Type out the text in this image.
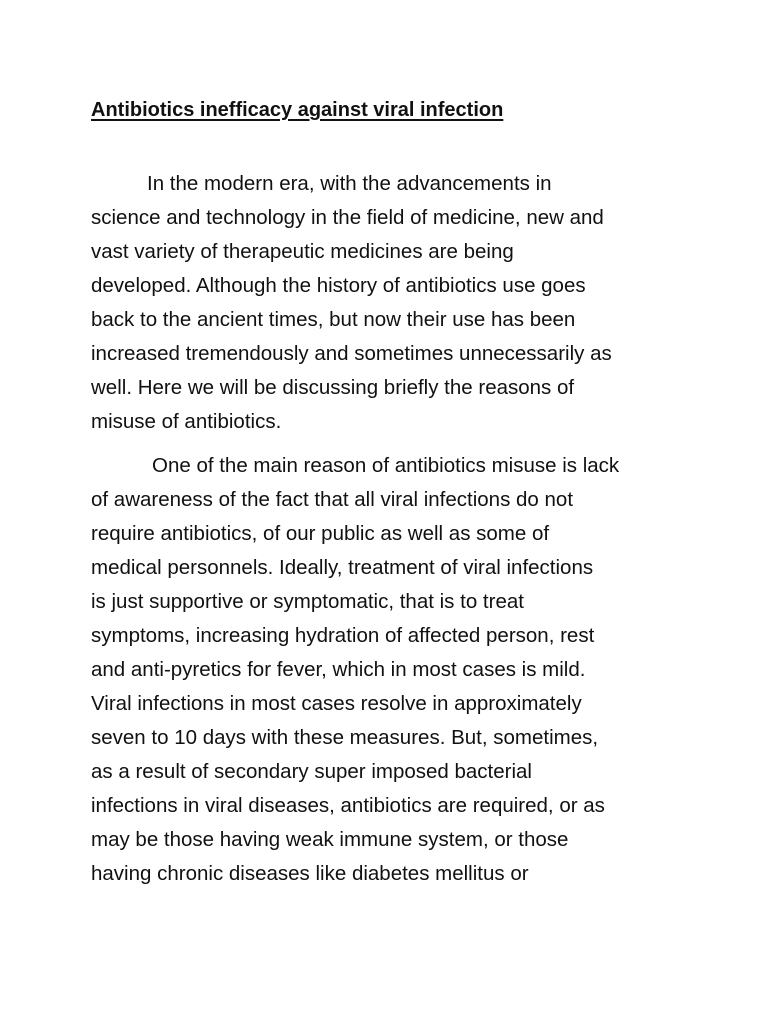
Antibiotics inefficacy against viral infection

In the modern era, with the advancements in
science and technology in the field of medicine, new and
vast variety of therapeutic medicines are being
developed. Although the history of antibiotics use goes
back to the ancient times, but now their use has been
increased tremendously and sometimes unnecessarily as
well. Here we will be discussing briefly the reasons of
misuse of antibiotics.

One of the main reason of antibiotics misuse is lack
of awareness of the fact that all viral infections do not
require antibiotics, of our public as well as some of
medical personnels. Ideally, treatment of viral infections
is just supportive or symptomatic, that is to treat
symptoms, increasing hydration of affected person, rest
and anti-pyretics for fever, which in most cases is mild.
Viral infections in most cases resolve in approximately
seven to 10 days with these measures. But, sometimes,
as a result of secondary super imposed bacterial
infections in viral diseases, antibiotics are required, or as
may be those having weak immune system, or those
having chronic diseases like diabetes mellitus or
